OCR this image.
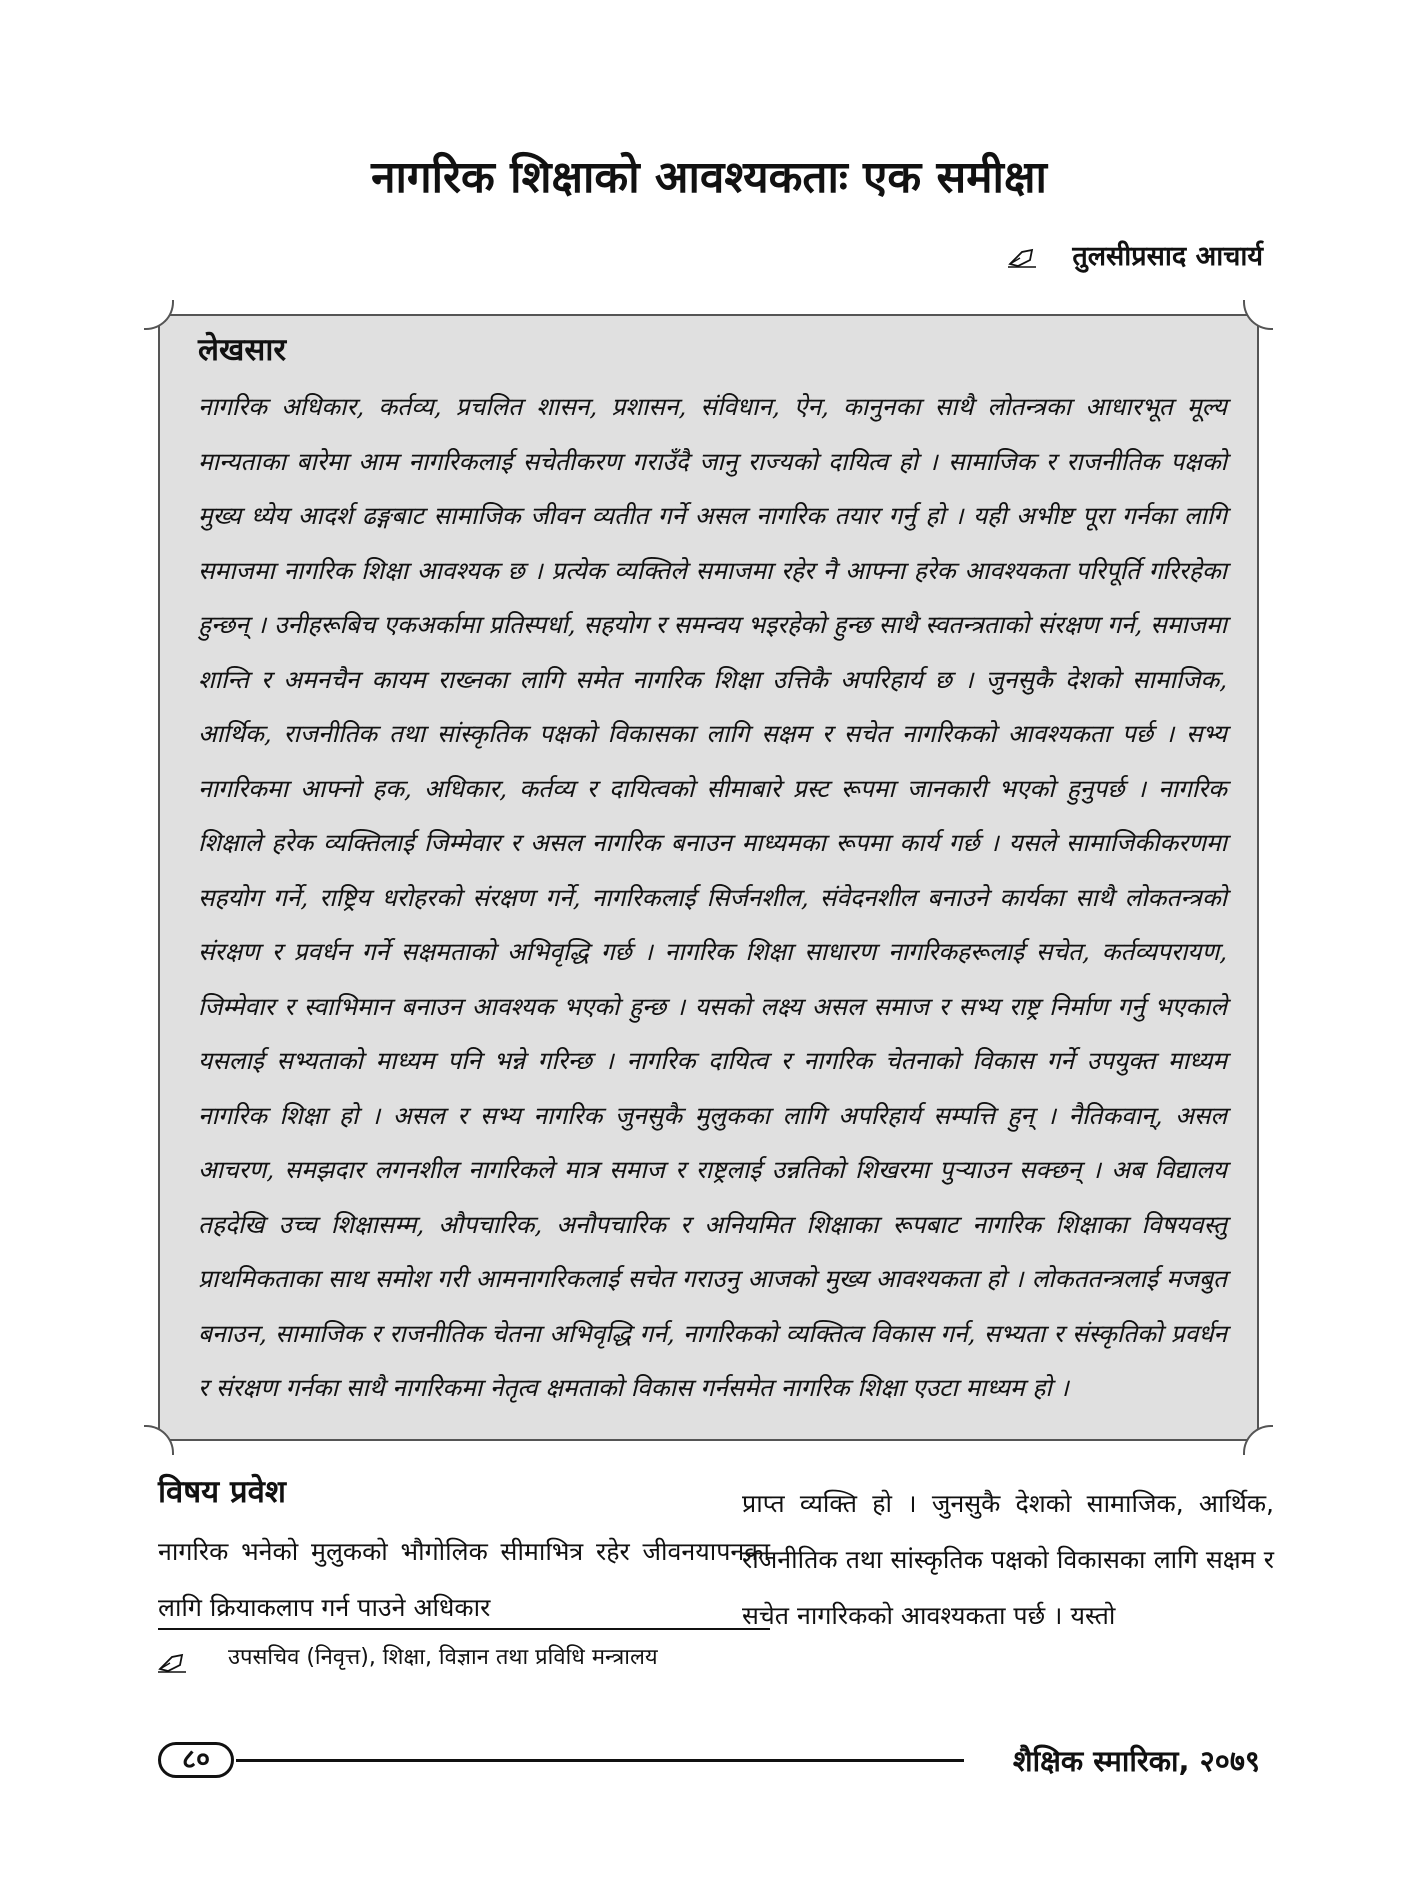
नागरिक शिक्षाको आवश्यकताः एक समीक्षा
तुलसीप्रसाद आचार्य
लेखसार

नागरिक अधिकार, कर्तव्य, प्रचलित शासन, प्रशासन, संविधान, ऐन, कानुनका साथै लोतन्त्रका आधारभूत मूल्य मान्यताका बारेमा आम नागरिकलाई सचेतीकरण गराउँदै जानु राज्यको दायित्व हो । सामाजिक र राजनीतिक पक्षको मुख्य ध्येय आदर्श ढङ्गबाट सामाजिक जीवन व्यतीत गर्ने असल नागरिक तयार गर्नु हो । यही अभीष्ट पूरा गर्नका लागि समाजमा नागरिक शिक्षा आवश्यक छ । प्रत्येक व्यक्तिले समाजमा रहेर नै आफ्ना हरेक आवश्यकता परिपूर्ति गरिरहेका हुन्छन् । उनीहरूबिच एकअर्कामा प्रतिस्पर्धा, सहयोग र समन्वय भइरहेको हुन्छ साथै स्वतन्त्रताको संरक्षण गर्न, समाजमा शान्ति र अमनचैन कायम राख्नका लागि समेत नागरिक शिक्षा उत्तिकै अपरिहार्य छ । जुनसुकै देशको सामाजिक, आर्थिक, राजनीतिक तथा सांस्कृतिक पक्षको विकासका लागि सक्षम र सचेत नागरिकको आवश्यकता पर्छ । सभ्य नागरिकमा आफ्नो हक, अधिकार, कर्तव्य र दायित्वको सीमाबारे प्रस्ट रूपमा जानकारी भएको हुनुपर्छ । नागरिक शिक्षाले हरेक व्यक्तिलाई जिम्मेवार र असल नागरिक बनाउन माध्यमका रूपमा कार्य गर्छ । यसले सामाजिकीकरणमा सहयोग गर्ने, राष्ट्रिय धरोहरको संरक्षण गर्ने, नागरिकलाई सिर्जनशील, संवेदनशील बनाउने कार्यका साथै लोकतन्त्रको संरक्षण र प्रवर्धन गर्ने सक्षमताको अभिवृद्धि गर्छ । नागरिक शिक्षा साधारण नागरिकहरूलाई सचेत, कर्तव्यपरायण, जिम्मेवार र स्वाभिमान बनाउन आवश्यक भएको हुन्छ । यसको लक्ष्य असल समाज र सभ्य राष्ट्र निर्माण गर्नु भएकाले यसलाई सभ्यताको माध्यम पनि भन्ने गरिन्छ । नागरिक दायित्व र नागरिक चेतनाको विकास गर्ने उपयुक्त माध्यम नागरिक शिक्षा हो । असल र सभ्य नागरिक जुनसुकै मुलुकका लागि अपरिहार्य सम्पत्ति हुन् । नैतिकवान्, असल आचरण, समझदार लगनशील नागरिकले मात्र समाज र राष्ट्रलाई उन्नतिको शिखरमा पुर्‍याउन सक्छन् । अब विद्यालय तहदेखि उच्च शिक्षासम्म, औपचारिक, अनौपचारिक र अनियमित शिक्षाका रूपबाट नागरिक शिक्षाका विषयवस्तु प्राथमिकताका साथ समोश गरी आमनागरिकलाई सचेत गराउनु आजको मुख्य आवश्यकता हो । लोकततन्त्रलाई मजबुत बनाउन, सामाजिक र राजनीतिक चेतना अभिवृद्धि गर्न, नागरिकको व्यक्तित्व विकास गर्न, सभ्यता र संस्कृतिको प्रवर्धन र संरक्षण गर्नका साथै नागरिकमा नेतृत्व क्षमताको विकास गर्नसमेत नागरिक शिक्षा एउटा माध्यम हो ।

विषय प्रवेश

नागरिक भनेको मुलुकको भौगोलिक सीमाभित्र रहेर जीवनयापनका लागि क्रियाकलाप गर्न पाउने अधिकार

प्राप्त व्यक्ति हो । जुनसुकै देशको सामाजिक, आर्थिक, राजनीतिक तथा सांस्कृतिक पक्षको विकासका लागि सक्षम र सचेत नागरिकको आवश्यकता पर्छ । यस्तो

उपसचिव (निवृत्त), शिक्षा, विज्ञान तथा प्रविधि मन्त्रालय
८०	शैक्षिक स्मारिका, २०७९
